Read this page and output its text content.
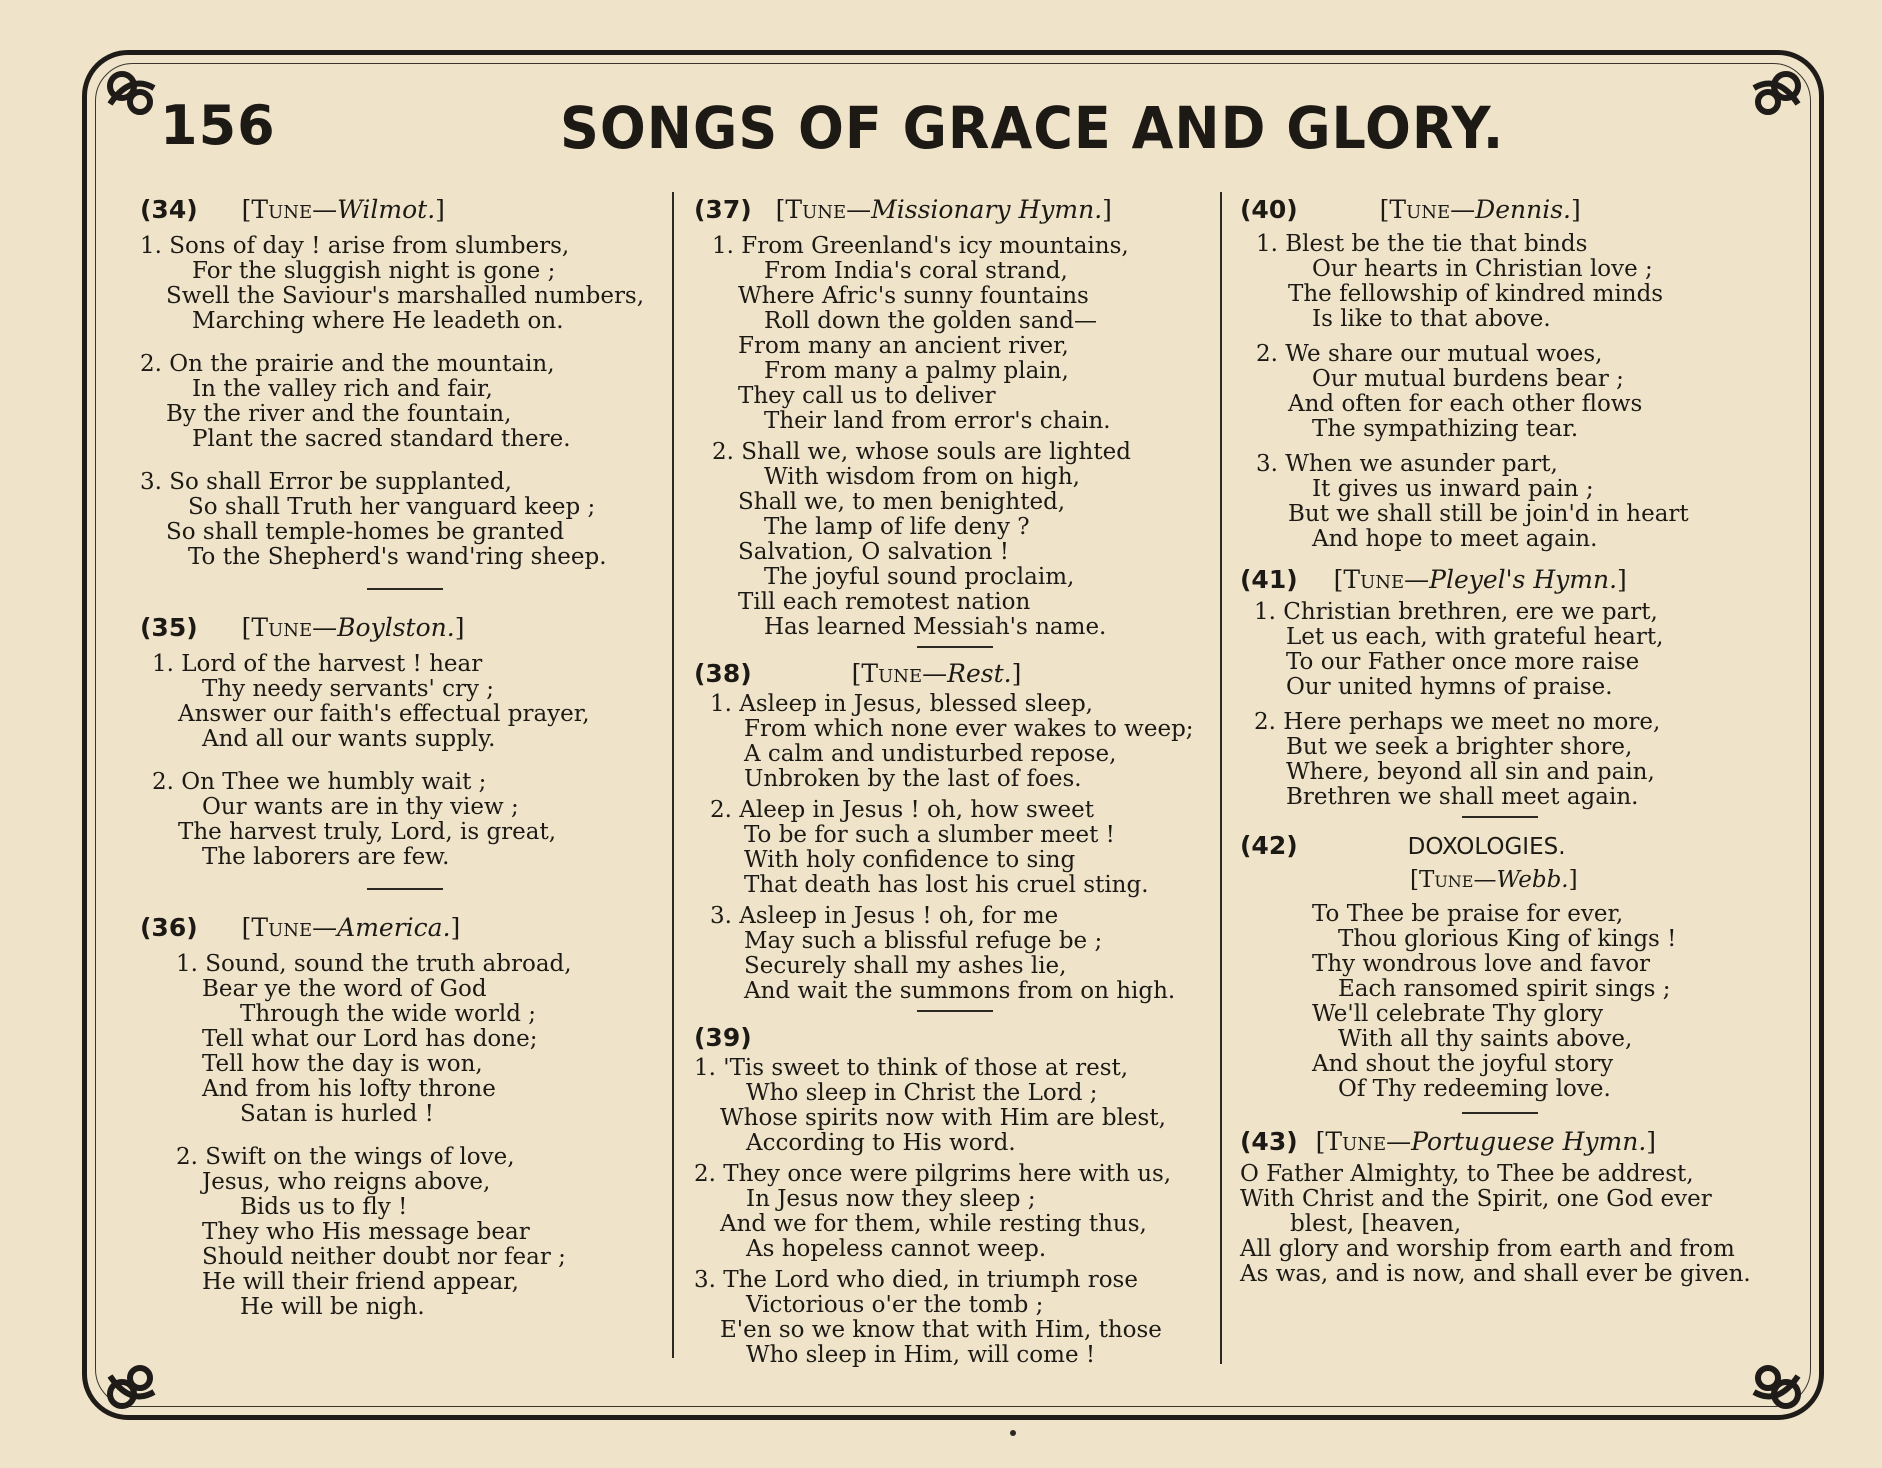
156	SONGS OF GRACE AND GLORY.
(34) [Tune—Wilmot.]
1. Sons of day ! arise from slumbers,
For the sluggish night is gone ;
Swell the Saviour's marshalled numbers,
Marching where He leadeth on.
2. On the prairie and the mountain,
In the valley rich and fair,
By the river and the fountain,
Plant the sacred standard there.
3. So shall Error be supplanted,
So shall Truth her vanguard keep ;
So shall temple-homes be granted
To the Shepherd's wand'ring sheep.
(35) [Tune—Boylston.]
1. Lord of the harvest ! hear
Thy needy servants' cry ;
Answer our faith's effectual prayer,
And all our wants supply.
2. On Thee we humbly wait ;
Our wants are in thy view ;
The harvest truly, Lord, is great,
The laborers are few.
(36) [Tune—America.]
1. Sound, sound the truth abroad,
Bear ye the word of God
Through the wide world ;
Tell what our Lord has done;
Tell how the day is won,
And from his lofty throne
Satan is hurled !
2. Swift on the wings of love,
Jesus, who reigns above,
Bids us to fly !
They who His message bear
Should neither doubt nor fear ;
He will their friend appear,
He will be nigh.
(37) [Tune—Missionary Hymn.]
1. From Greenland's icy mountains,
From India's coral strand,
Where Afric's sunny fountains
Roll down the golden sand—
From many an ancient river,
From many a palmy plain,
They call us to deliver
Their land from error's chain.
2. Shall we, whose souls are lighted
With wisdom from on high,
Shall we, to men benighted,
The lamp of life deny ?
Salvation, O salvation !
The joyful sound proclaim,
Till each remotest nation
Has learned Messiah's name.
(38)	[Tune—Rest.]
1. Asleep in Jesus, blessed sleep,
From which none ever wakes to weep;
A calm and undisturbed repose,
Unbroken by the last of foes.
2. Aleep in Jesus ! oh, how sweet
To be for such a slumber meet !
With holy confidence to sing
That death has lost his cruel sting.
3. Asleep in Jesus ! oh, for me
May such a blissful refuge be ;
Securely shall my ashes lie,
And wait the summons from on high.
(39)
1. 'Tis sweet to think of those at rest,
Who sleep in Christ the Lord ;
Whose spirits now with Him are blest,
According to His word.
2. They once were pilgrims here with us,
In Jesus now they sleep ;
And we for them, while resting thus,
As hopeless cannot weep.
3. The Lord who died, in triumph rose
Victorious o'er the tomb ;
E'en so we know that with Him, those
Who sleep in Him, will come !
(40)	[Tune—Dennis.]
1. Blest be the tie that binds
Our hearts in Christian love ;
The fellowship of kindred minds
Is like to that above.
2. We share our mutual woes,
Our mutual burdens bear ;
And often for each other flows
The sympathizing tear.
3. When we asunder part,
It gives us inward pain ;
But we shall still be join'd in heart
And hope to meet again.
(41) [Tune—Pleyel's Hymn.]
1. Christian brethren, ere we part,
Let us each, with grateful heart,
To our Father once more raise
Our united hymns of praise.
2. Here perhaps we meet no more,
But we seek a brighter shore,
Where, beyond all sin and pain,
Brethren we shall meet again.
(42)	DOXOLOGIES.
[Tune—Webb.]
To Thee be praise for ever,
Thou glorious King of kings !
Thy wondrous love and favor
Each ransomed spirit sings ;
We'll celebrate Thy glory
With all thy saints above,
And shout the joyful story
Of Thy redeeming love.
(43) [Tune—Portuguese Hymn.]
O Father Almighty, to Thee be addrest,
With Christ and the Spirit, one God ever
blest, [heaven,
All glory and worship from earth and from
As was, and is now, and shall ever be given.
